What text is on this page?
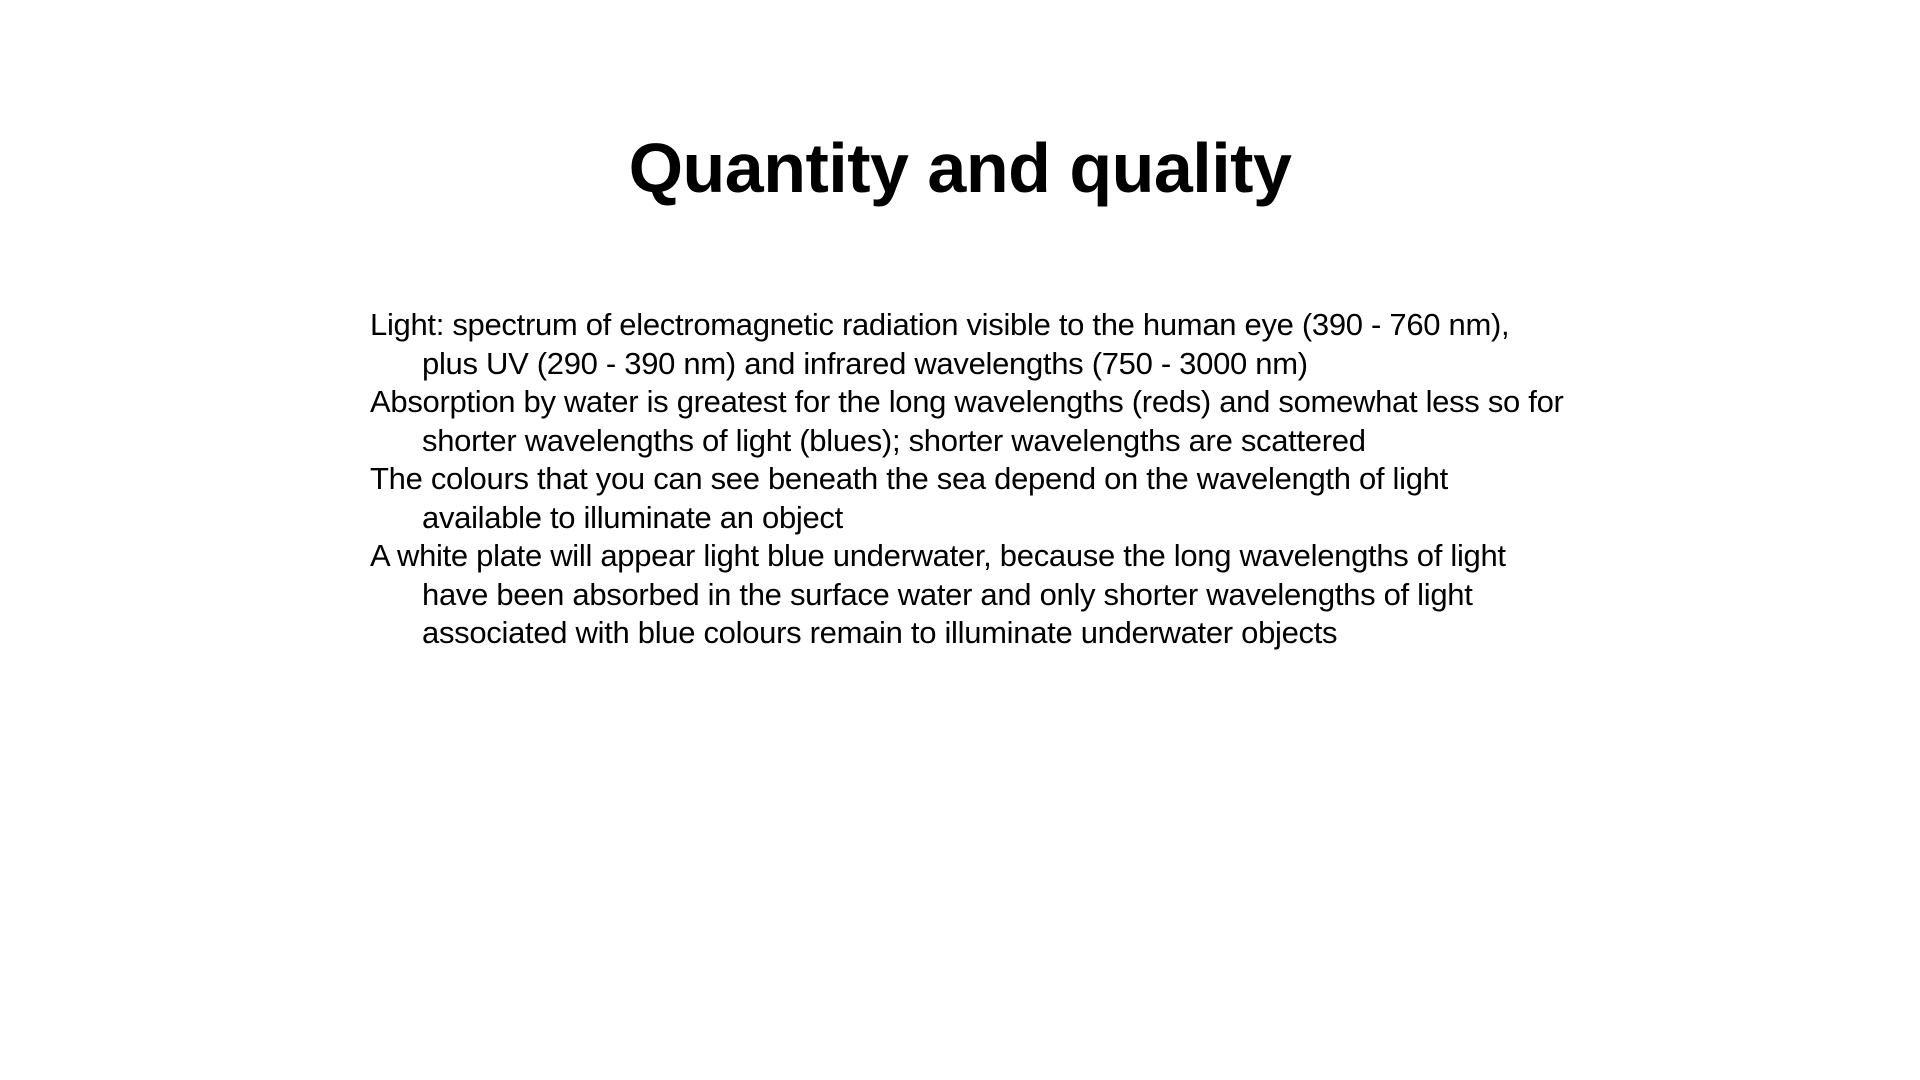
Quantity and quality
Light: spectrum of electromagnetic radiation visible to the human eye (390 - 760 nm), plus UV (290 - 390 nm) and infrared wavelengths (750 - 3000 nm)
Absorption by water is greatest for the long wavelengths (reds) and somewhat less so for shorter wavelengths of light (blues); shorter wavelengths are scattered
The colours that you can see beneath the sea depend on the wavelength of light available to illuminate an object
A white plate will appear light blue underwater, because the long wavelengths of light have been absorbed in the surface water and only shorter wavelengths of light associated with blue colours remain to illuminate underwater objects
